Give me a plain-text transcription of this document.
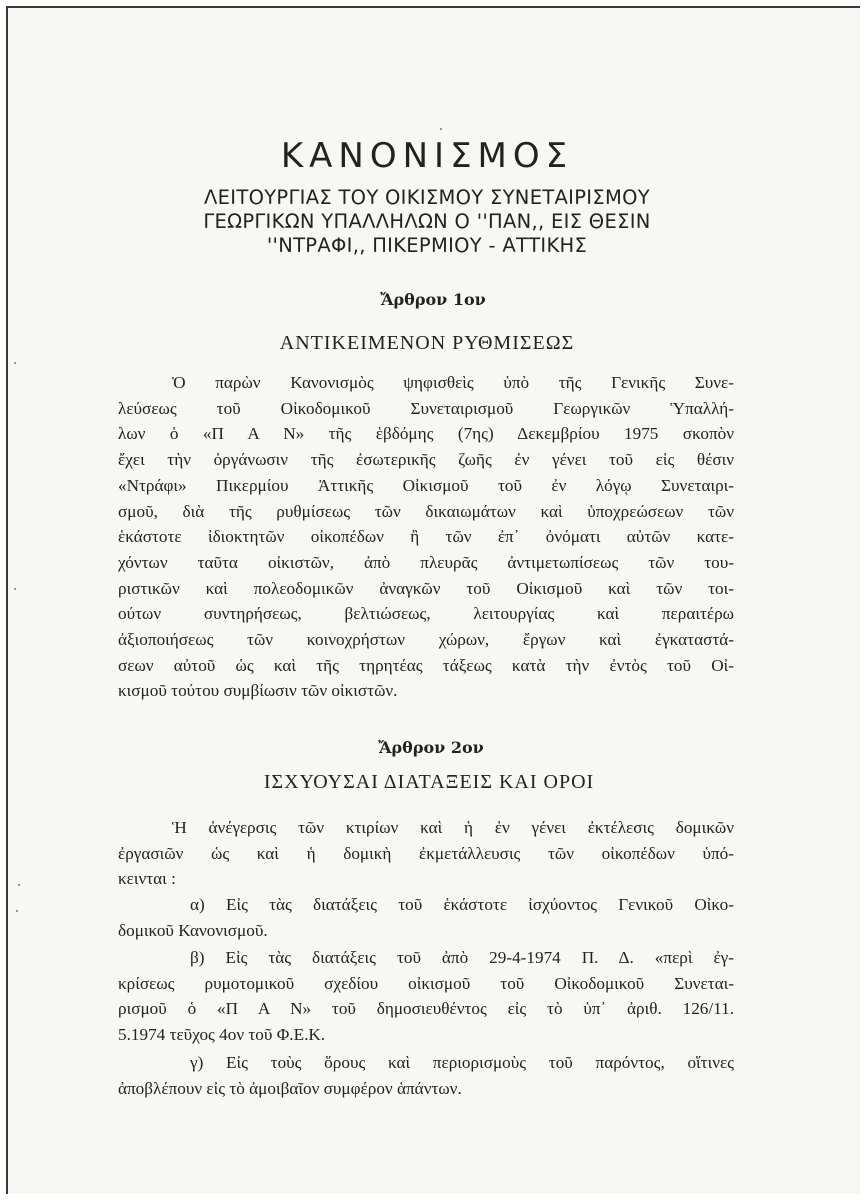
ΚΑΝΟΝΙΣΜΟΣ
ΛΕΙΤΟΥΡΓΙΑΣ ΤΟΥ ΟΙΚΙΣΜΟΥ ΣΥΝΕΤΑΙΡΙΣΜΟΥ
ΓΕΩΡΓΙΚΩΝ ΥΠΑΛΛΗΛΩΝ Ο ''ΠΑΝ,, ΕΙΣ ΘΕΣΙΝ
''ΝΤΡΑΦΙ,, ΠΙΚΕΡΜΙΟΥ - ΑΤΤΙΚΗΣ
Ἄρθρον 1ον
ΑΝΤΙΚΕΙΜΕΝΟΝ ΡΥΘΜΙΣΕΩΣ
Ὁ παρὼν Κανονισμὸς ψηφισθεὶς ὑπὸ τῆς Γενικῆς Συνε-
λεύσεως τοῦ Οἰκοδομικοῦ Συνεταιρισμοῦ Γεωργικῶν Ὑπαλλή-
λων ὁ «Π Α Ν» τῆς ἑβδόμης (7ης) Δεκεμβρίου 1975 σκοπὸν
ἔχει τὴν ὀργάνωσιν τῆς ἐσωτερικῆς ζωῆς ἐν γένει τοῦ εἰς θέσιν
«Ντράφι» Πικερμίου Ἀττικῆς Οἰκισμοῦ τοῦ ἐν λόγῳ Συνεταιρι-
σμοῦ, διὰ τῆς ρυθμίσεως τῶν δικαιωμάτων καὶ ὑποχρεώσεων τῶν
ἑκάστοτε ἰδιοκτητῶν οἰκοπέδων ἢ τῶν ἐπ᾽ ὀνόματι αὐτῶν κατε-
χόντων ταῦτα οἰκιστῶν, ἀπὸ πλευρᾶς ἀντιμετωπίσεως τῶν του-
ριστικῶν καὶ πολεοδομικῶν ἀναγκῶν τοῦ Οἰκισμοῦ καὶ τῶν τοι-
ούτων συντηρήσεως, βελτιώσεως, λειτουργίας καὶ περαιτέρω
ἀξιοποιήσεως τῶν κοινοχρήστων χώρων, ἔργων καὶ ἐγκαταστά-
σεων αὐτοῦ ὡς καὶ τῆς τηρητέας τάξεως κατὰ τὴν ἐντὸς τοῦ Οἰ-
κισμοῦ τούτου συμβίωσιν τῶν οἰκιστῶν.
Ἄρθρον 2ον
ΙΣΧΥΟΥΣΑΙ ΔΙΑΤΑΞΕΙΣ ΚΑΙ ΟΡΟΙ
Ἡ ἀνέγερσις τῶν κτιρίων καὶ ἡ ἐν γένει ἐκτέλεσις δομικῶν
ἐργασιῶν ὡς καὶ ἡ δομικὴ ἐκμετάλλευσις τῶν οἰκοπέδων ὑπό-
κεινται :
α) Εἰς τὰς διατάξεις τοῦ ἑκάστοτε ἰσχύοντος Γενικοῦ Οἰκο-
δομικοῦ Κανονισμοῦ.
β) Εἰς τὰς διατάξεις τοῦ ἀπὸ 29-4-1974 Π. Δ. «περὶ ἐγ-
κρίσεως ρυμοτομικοῦ σχεδίου οἰκισμοῦ τοῦ Οἰκοδομικοῦ Συνεται-
ρισμοῦ ὁ «Π Α Ν» τοῦ δημοσιευθέντος εἰς τὸ ὑπ᾽ ἀριθ. 126/11.
5.1974 τεῦχος 4ον τοῦ Φ.Ε.Κ.
γ) Εἰς τοὺς ὅρους καὶ περιορισμοὺς τοῦ παρόντος, οἵτινες
ἀποβλέπουν εἰς τὸ ἀμοιβαῖον συμφέρον ἁπάντων.
